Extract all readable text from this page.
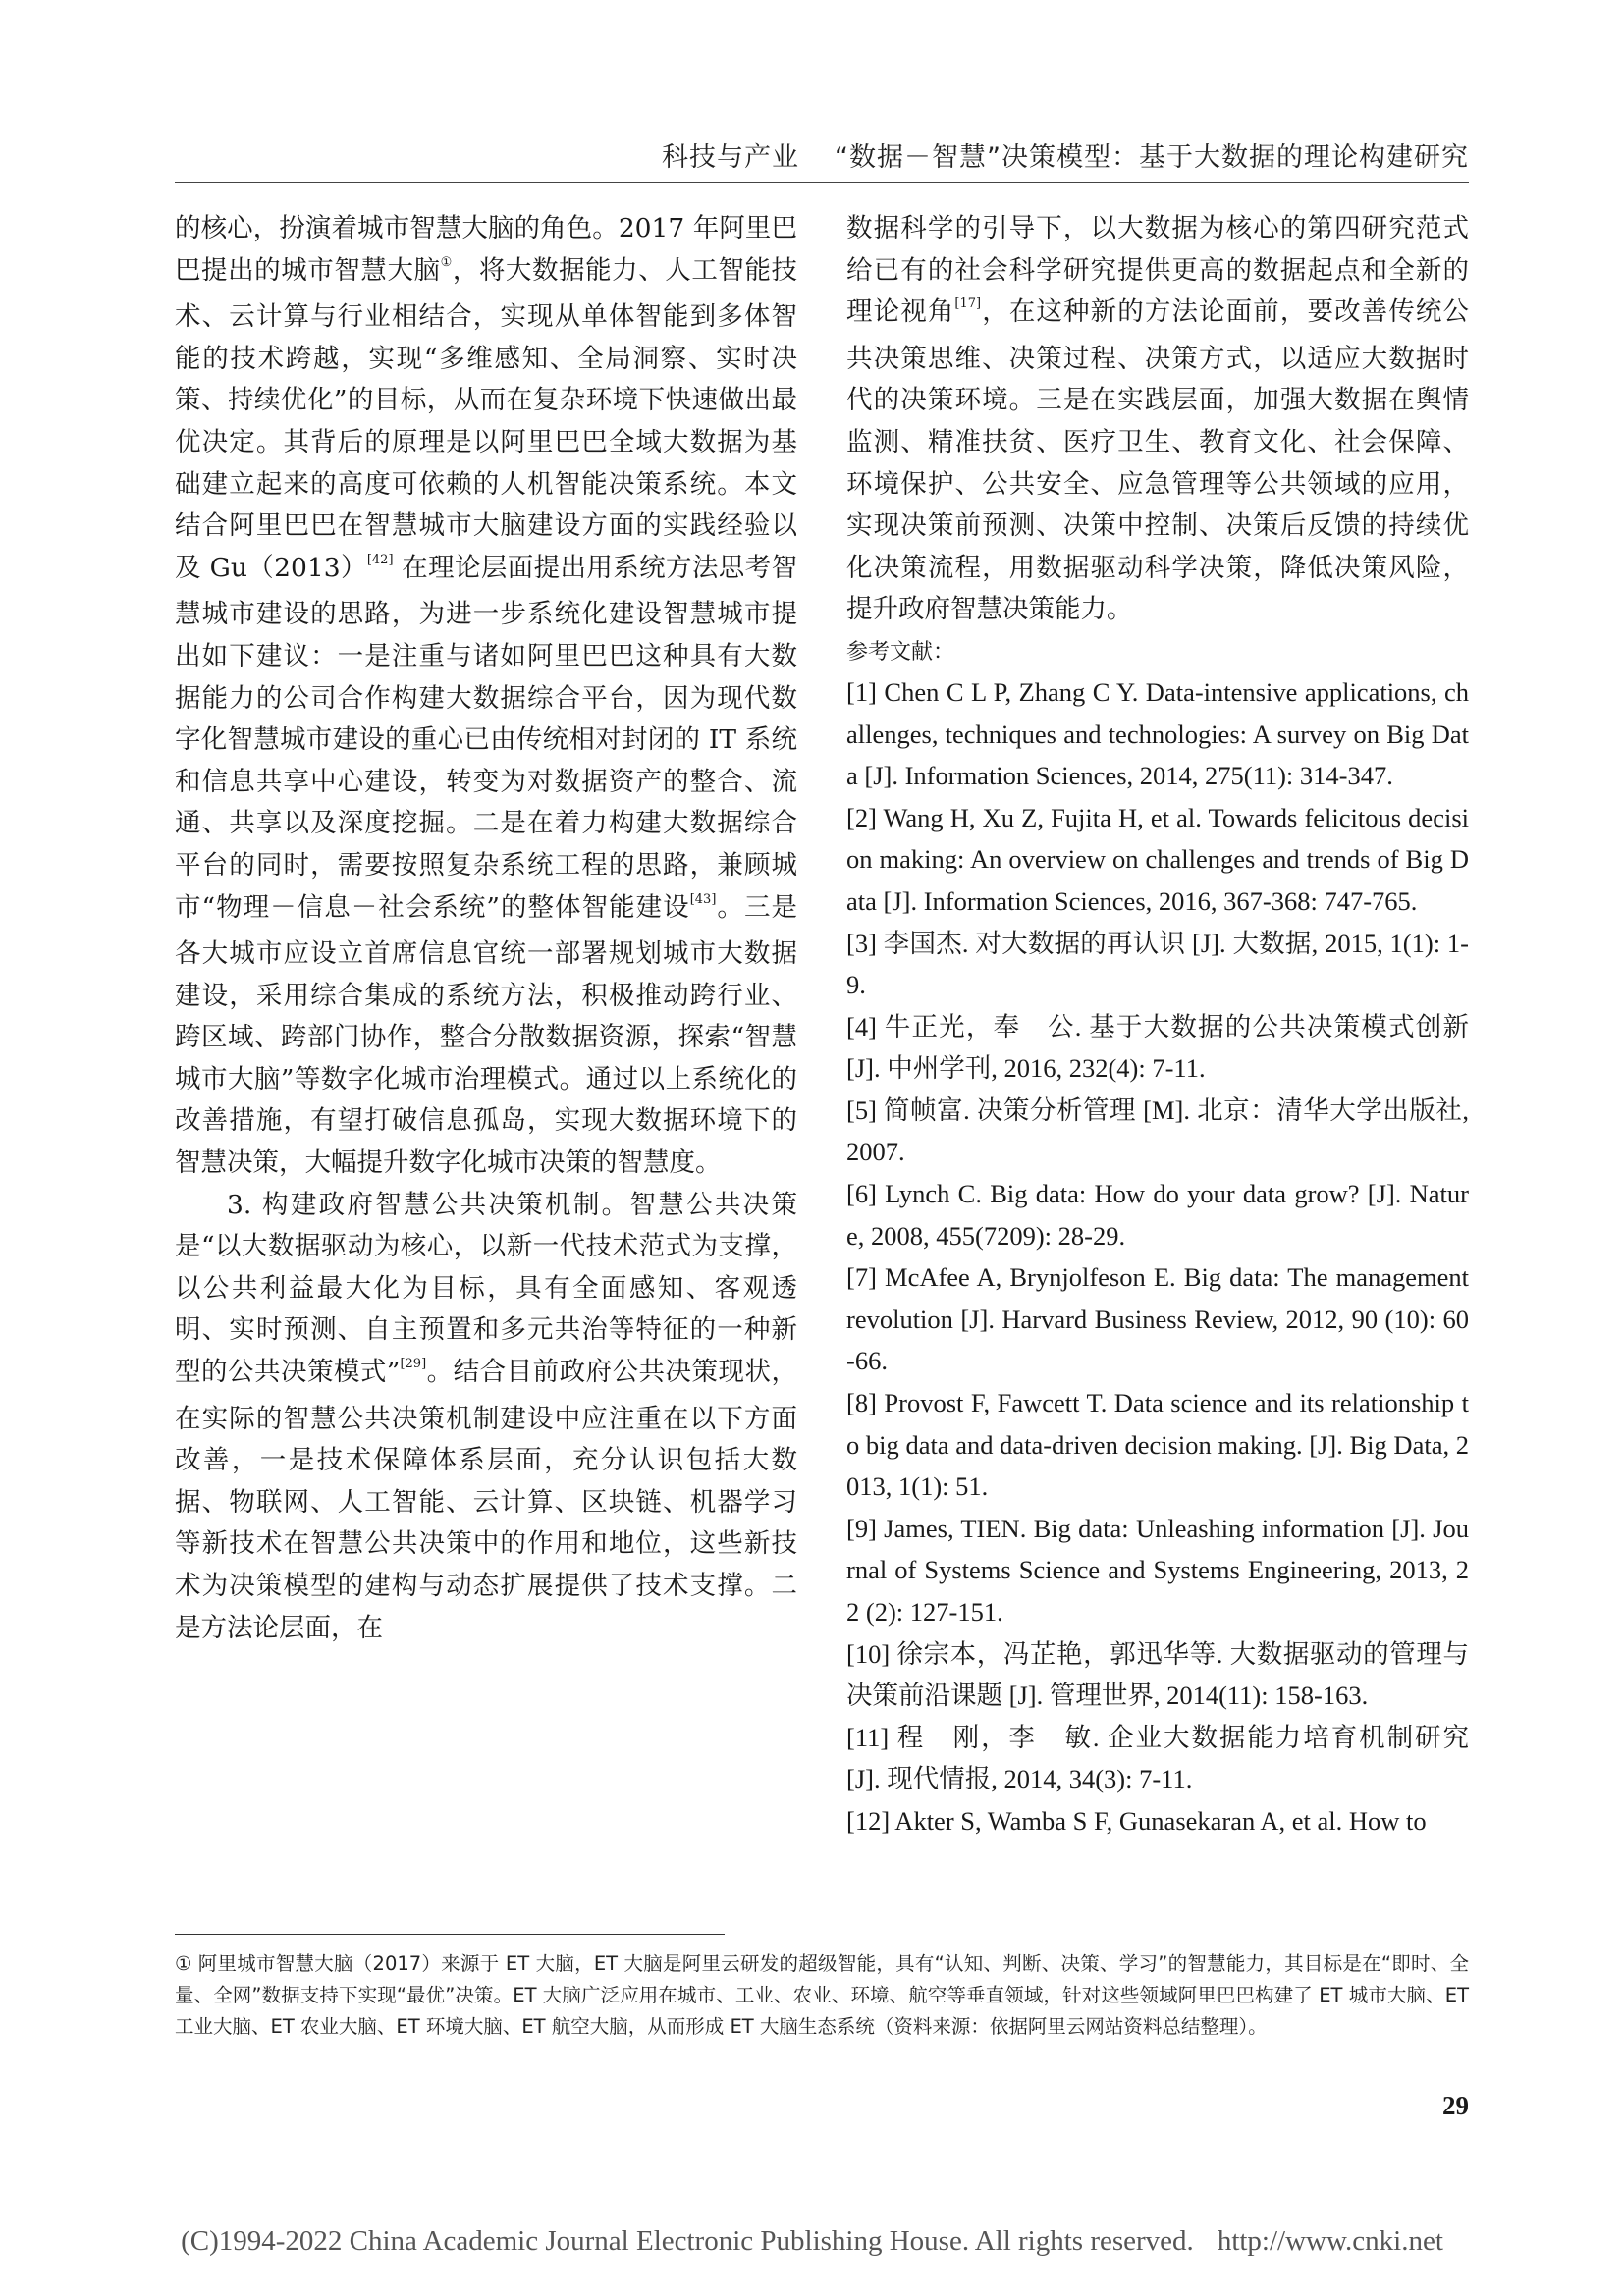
科技与产业 “数据－智慧”决策模型：基于大数据的理论构建研究

的核心，扮演着城市智慧大脑的角色。2017 年阿里巴巴提出的城市智慧大脑①，将大数据能力、人工智能技术、云计算与行业相结合，实现从单体智能到多体智能的技术跨越，实现“多维感知、全局洞察、实时决策、持续优化”的目标，从而在复杂环境下快速做出最优决定。其背后的原理是以阿里巴巴全域大数据为基础建立起来的高度可依赖的人机智能决策系统。本文结合阿里巴巴在智慧城市大脑建设方面的实践经验以及 Gu（2013）[42] 在理论层面提出用系统方法思考智慧城市建设的思路，为进一步系统化建设智慧城市提出如下建议：一是注重与诸如阿里巴巴这种具有大数据能力的公司合作构建大数据综合平台，因为现代数字化智慧城市建设的重心已由传统相对封闭的 IT 系统和信息共享中心建设，转变为对数据资产的整合、流通、共享以及深度挖掘。二是在着力构建大数据综合平台的同时，需要按照复杂系统工程的思路，兼顾城市“物理－信息－社会系统”的整体智能建设[43]。三是各大城市应设立首席信息官统一部署规划城市大数据建设，采用综合集成的系统方法，积极推动跨行业、跨区域、跨部门协作，整合分散数据资源，探索“智慧城市大脑”等数字化城市治理模式。通过以上系统化的改善措施，有望打破信息孤岛，实现大数据环境下的智慧决策，大幅提升数字化城市决策的智慧度。

3. 构建政府智慧公共决策机制。智慧公共决策是“以大数据驱动为核心，以新一代技术范式为支撑，以公共利益最大化为目标，具有全面感知、客观透明、实时预测、自主预置和多元共治等特征的一种新型的公共决策模式”[29]。结合目前政府公共决策现状，在实际的智慧公共决策机制建设中应注重在以下方面改善，一是技术保障体系层面，充分认识包括大数据、物联网、人工智能、云计算、区块链、机器学习等新技术在智慧公共决策中的作用和地位，这些新技术为决策模型的建构与动态扩展提供了技术支撑。二是方法论层面，在

数据科学的引导下，以大数据为核心的第四研究范式给已有的社会科学研究提供更高的数据起点和全新的理论视角[17]，在这种新的方法论面前，要改善传统公共决策思维、决策过程、决策方式，以适应大数据时代的决策环境。三是在实践层面，加强大数据在舆情监测、精准扶贫、医疗卫生、教育文化、社会保障、环境保护、公共安全、应急管理等公共领域的应用，实现决策前预测、决策中控制、决策后反馈的持续优化决策流程，用数据驱动科学决策，降低决策风险，提升政府智慧决策能力。

参考文献：

[1] Chen C L P, Zhang C Y. Data-intensive applications, challenges, techniques and technologies: A survey on Big Data [J]. Information Sciences, 2014, 275(11): 314-347.

[2] Wang H, Xu Z, Fujita H, et al. Towards felicitous decision making: An overview on challenges and trends of Big Data [J]. Information Sciences, 2016, 367-368: 747-765.

[3] 李国杰. 对大数据的再认识 [J]. 大数据, 2015, 1(1): 1-9.

[4] 牛正光，奉　公. 基于大数据的公共决策模式创新 [J]. 中州学刊, 2016, 232(4): 7-11.

[5] 简帧富. 决策分析管理 [M]. 北京：清华大学出版社, 2007.

[6] Lynch C. Big data: How do your data grow? [J]. Nature, 2008, 455(7209): 28-29.

[7] McAfee A, Brynjolfeson E. Big data: The management revolution [J]. Harvard Business Review, 2012, 90 (10): 60-66.

[8] Provost F, Fawcett T. Data science and its relationship to big data and data-driven decision making. [J]. Big Data, 2013, 1(1): 51.

[9] James, TIEN. Big data: Unleashing information [J]. Journal of Systems Science and Systems Engineering, 2013, 22 (2): 127-151.

[10] 徐宗本，冯芷艳，郭迅华等. 大数据驱动的管理与决策前沿课题 [J]. 管理世界, 2014(11): 158-163.

[11] 程　刚，李　敏. 企业大数据能力培育机制研究 [J]. 现代情报, 2014, 34(3): 7-11.

[12] Akter S, Wamba S F, Gunasekaran A, et al. How to

① 阿里城市智慧大脑（2017）来源于 ET 大脑，ET 大脑是阿里云研发的超级智能，具有“认知、判断、决策、学习”的智慧能力，其目标是在“即时、全量、全网”数据支持下实现“最优”决策。ET 大脑广泛应用在城市、工业、农业、环境、航空等垂直领域，针对这些领域阿里巴巴构建了 ET 城市大脑、ET 工业大脑、ET 农业大脑、ET 环境大脑、ET 航空大脑，从而形成 ET 大脑生态系统（资料来源：依据阿里云网站资料总结整理）。
29
(C)1994-2022 China Academic Journal Electronic Publishing House. All rights reserved. http://www.cnki.net
